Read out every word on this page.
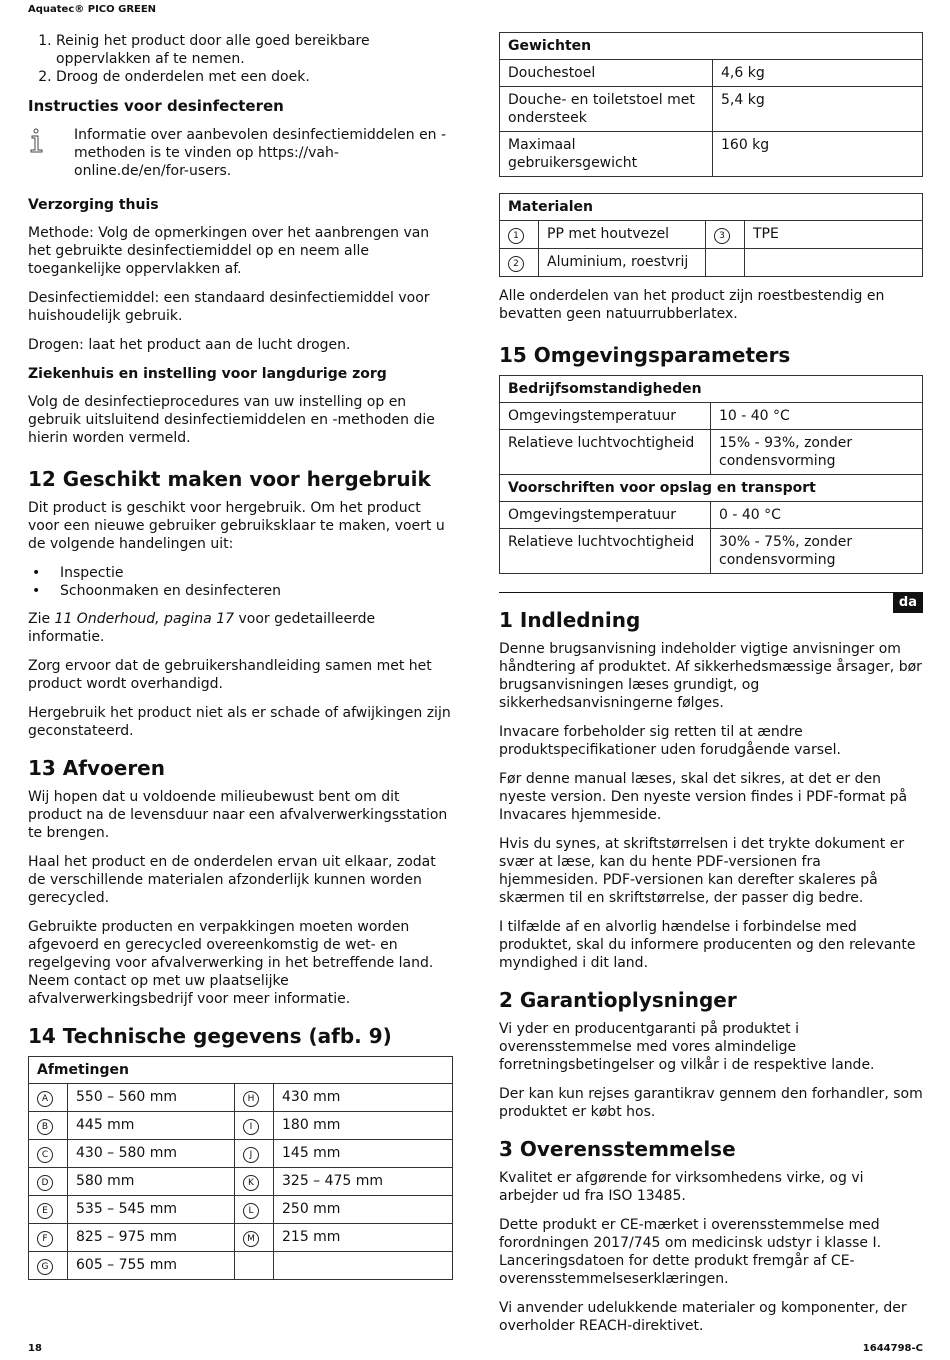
Aquatec® PICO GREEN
1. Reinig het product door alle goed bereikbare oppervlakken af te nemen.
2. Droog de onderdelen met een doek.
Instructies voor desinfecteren
Informatie over aanbevolen desinfectiemiddelen en -methoden is te vinden op https://vah-online.de/en/for-users.
Verzorging thuis

Methode: Volg de opmerkingen over het aanbrengen van het gebruikte desinfectiemiddel op en neem alle toegankelijke oppervlakken af.

Desinfectiemiddel: een standaard desinfectiemiddel voor huishoudelijk gebruik.

Drogen: laat het product aan de lucht drogen.

Ziekenhuis en instelling voor langdurige zorg

Volg de desinfectieprocedures van uw instelling op en gebruik uitsluitend desinfectiemiddelen en -methoden die hierin worden vermeld.

12 Geschikt maken voor hergebruik

Dit product is geschikt voor hergebruik. Om het product voor een nieuwe gebruiker gebruiksklaar te maken, voert u de volgende handelingen uit:

• Inspectie
• Schoonmaken en desinfecteren

Zie 11 Onderhoud, pagina 17 voor gedetailleerde informatie.

Zorg ervoor dat de gebruikershandleiding samen met het product wordt overhandigd.

Hergebruik het product niet als er schade of afwijkingen zijn geconstateerd.

13 Afvoeren

Wij hopen dat u voldoende milieubewust bent om dit product na de levensduur naar een afvalverwerkingsstation te brengen.

Haal het product en de onderdelen ervan uit elkaar, zodat de verschillende materialen afzonderlijk kunnen worden gerecycled.

Gebruikte producten en verpakkingen moeten worden afgevoerd en gerecycled overeenkomstig de wet- en regelgeving voor afvalverwerking in het betreffende land. Neem contact op met uw plaatselijke afvalverwerkingsbedrijf voor meer informatie.

14 Technische gegevens (afb. 9)
Afmetingen			
A	550 – 560 mm	H	430 mm
B	445 mm	I	180 mm
C	430 – 580 mm	J	145 mm
D	580 mm	K	325 – 475 mm
E	535 – 545 mm	L	250 mm
F	825 – 975 mm	M	215 mm
G	605 – 755 mm		
Gewichten	
Douchestoel	4,6 kg
Douche- en toiletstoel met ondersteek	5,4 kg
Maximaal gebruikersgewicht	160 kg
Materialen			
1	PP met houtvezel	3	TPE
2	Aluminium, roestvrij		

Alle onderdelen van het product zijn roestbestendig en bevatten geen natuurrubberlatex.

15 Omgevingsparameters
Bedrijfsomstandigheden	
Omgevingstemperatuur	10 - 40 °C
Relatieve luchtvochtigheid	15% - 93%, zonder condensvorming
Voorschriften voor opslag en transport	
Omgevingstemperatuur	0 - 40 °C
Relatieve luchtvochtigheid	30% - 75%, zonder condensvorming
da
1 Indledning

Denne brugsanvisning indeholder vigtige anvisninger om håndtering af produktet. Af sikkerhedsmæssige årsager, bør brugsanvisningen læses grundigt, og sikkerhedsanvisningerne følges.

Invacare forbeholder sig retten til at ændre produktspecifikationer uden forudgående varsel.

Før denne manual læses, skal det sikres, at det er den nyeste version. Den nyeste version findes i PDF-format på Invacares hjemmeside.

Hvis du synes, at skriftstørrelsen i det trykte dokument er svær at læse, kan du hente PDF-versionen fra hjemmesiden. PDF-versionen kan derefter skaleres på skærmen til en skriftstørrelse, der passer dig bedre.

I tilfælde af en alvorlig hændelse i forbindelse med produktet, skal du informere producenten og den relevante myndighed i dit land.

2 Garantioplysninger

Vi yder en producentgaranti på produktet i overensstemmelse med vores almindelige forretningsbetingelser og vilkår i de respektive lande.

Der kan kun rejses garantikrav gennem den forhandler, som produktet er købt hos.

3 Overensstemmelse

Kvalitet er afgørende for virksomhedens virke, og vi arbejder ud fra ISO 13485.

Dette produkt er CE-mærket i overensstemmelse med forordningen 2017/745 om medicinsk udstyr i klasse I. Lanceringsdatoen for dette produkt fremgår af CE-overensstemmelseserklæringen.

Vi anvender udelukkende materialer og komponenter, der overholder REACH-direktivet.

18	1644798-C
